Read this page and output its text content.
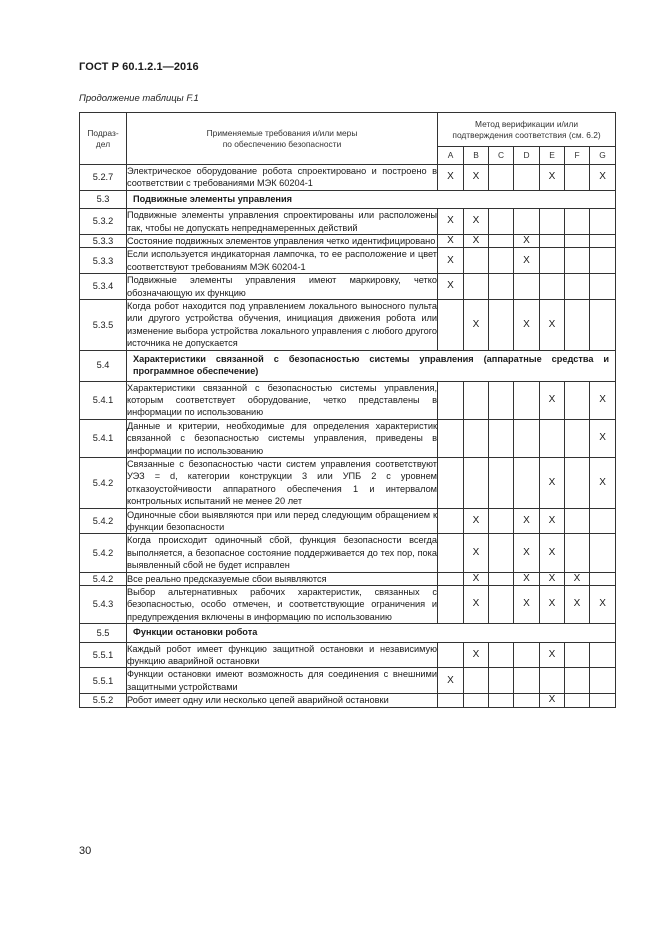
ГОСТ Р 60.1.2.1—2016
Продолжение таблицы F.1
Подраз-
дел	Применяемые требования и/или меры
по обеспечению безопасности	Метод верификации и/или
подтверждения соответствия (см. 6.2)						
		A	B	C	D	E	F	G
5.2.7	Электрическое оборудование робота спроектировано и построено в соответствии с требованиями МЭК 60204-1	X	X			X		X
5.3	Подвижные элементы управления							
5.3.2	Подвижные элементы управления спроектированы или расположены так, чтобы не допускать непреднамеренных действий	X	X					
5.3.3	Состояние подвижных элементов управления четко идентифицировано	X	X		X			
5.3.3	Если используется индикаторная лампочка, то ее расположение и цвет соответствуют требованиям МЭК 60204-1	X			X			
5.3.4	Подвижные элементы управления имеют маркировку, четко обозначающую их функцию	X						
5.3.5	Когда робот находится под управлением локального выносного пульта или другого устройства обучения, инициация движения робота или изменение выбора устройства локального управления с любого другого источника не допускается		X		X	X		
5.4	Характеристики связанной с безопасностью системы управления (аппаратные средства и программное обеспечение)							
5.4.1	Характеристики связанной с безопасностью системы управления, которым соответствует оборудование, четко представлены в информации по использованию					X		X
5.4.1	Данные и критерии, необходимые для определения характеристик связанной с безопасностью системы управления, приведены в информации по использованию							X
5.4.2	Связанные с безопасностью части систем управления соответствуют УЭЗ = d, категории конструкции 3 или УПБ 2 с уровнем отказоустойчивости аппаратного обеспечения 1 и интервалом контрольных испытаний не менее 20 лет					X		X
5.4.2	Одиночные сбои выявляются при или перед следующим обращением к функции безопасности		X		X	X		
5.4.2	Когда происходит одиночный сбой, функция безопасности всегда выполняется, а безопасное состояние поддерживается до тех пор, пока выявленный сбой не будет исправлен		X		X	X		
5.4.2	Все реально предсказуемые сбои выявляются		X		X	X	X	
5.4.3	Выбор альтернативных рабочих характеристик, связанных с безопасностью, особо отмечен, и соответствующие ограничения и предупреждения включены в информацию по использованию		X		X	X	X	X
5.5	Функции остановки робота							
5.5.1	Каждый робот имеет функцию защитной остановки и независимую функцию аварийной остановки		X			X		
5.5.1	Функции остановки имеют возможность для соединения с внешними защитными устройствами	X						
5.5.2	Робот имеет одну или несколько цепей аварийной остановки					X		
30
